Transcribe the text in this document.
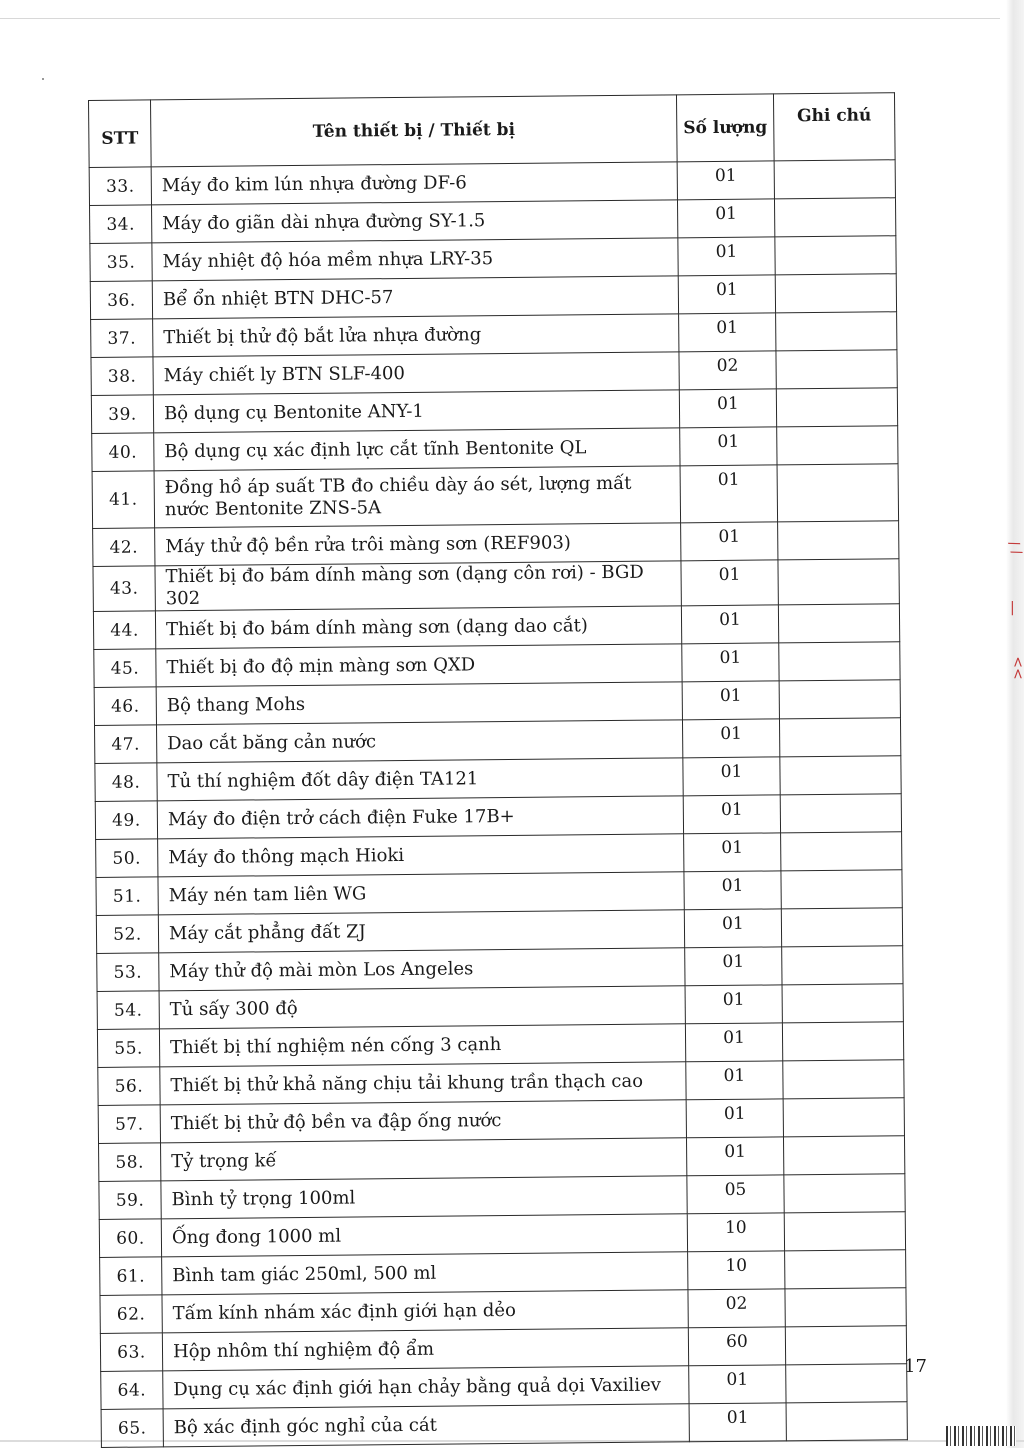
/ /
|
<<
STT	Tên thiết bị / Thiết bị	Số lượng	Ghi chú
33.	Máy đo kim lún nhựa đường DF-6	01	
34.	Máy đo giãn dài nhựa đường SY-1.5	01	
35.	Máy nhiệt độ hóa mềm nhựa LRY-35	01	
36.	Bể ổn nhiệt BTN DHC-57	01	
37.	Thiết bị thử độ bắt lửa nhựa đường	01	
38.	Máy chiết ly BTN SLF-400	02	
39.	Bộ dụng cụ Bentonite ANY-1	01	
40.	Bộ dụng cụ xác định lực cắt tĩnh Bentonite QL	01	
41.	Đồng hồ áp suất TB đo chiều dày áo sét, lượng mất nước Bentonite ZNS-5A	01	
42.	Máy thử độ bền rửa trôi màng sơn (REF903)	01	
43.	Thiết bị đo bám dính màng sơn (dạng côn rơi) - BGD 302	01	
44.	Thiết bị đo bám dính màng sơn (dạng dao cắt)	01	
45.	Thiết bị đo độ mịn màng sơn QXD	01	
46.	Bộ thang Mohs	01	
47.	Dao cắt băng cản nước	01	
48.	Tủ thí nghiệm đốt dây điện TA121	01	
49.	Máy đo điện trở cách điện Fuke 17B+	01	
50.	Máy đo thông mạch Hioki	01	
51.	Máy nén tam liên WG	01	
52.	Máy cắt phẳng đất ZJ	01	
53.	Máy thử độ mài mòn Los Angeles	01	
54.	Tủ sấy 300 độ	01	
55.	Thiết bị thí nghiệm nén cống 3 cạnh	01	
56.	Thiết bị thử khả năng chịu tải khung trần thạch cao	01	
57.	Thiết bị thử độ bền va đập ống nước	01	
58.	Tỷ trọng kế	01	
59.	Bình tỷ trọng 100ml	05	
60.	Ống đong 1000 ml	10	
61.	Bình tam giác 250ml, 500 ml	10	
62.	Tấm kính nhám xác định giới hạn dẻo	02	
63.	Hộp nhôm thí nghiệm độ ẩm	60	
64.	Dụng cụ xác định giới hạn chảy bằng quả dọi Vaxiliev	01	
65.	Bộ xác định góc nghỉ của cát	01	
17
